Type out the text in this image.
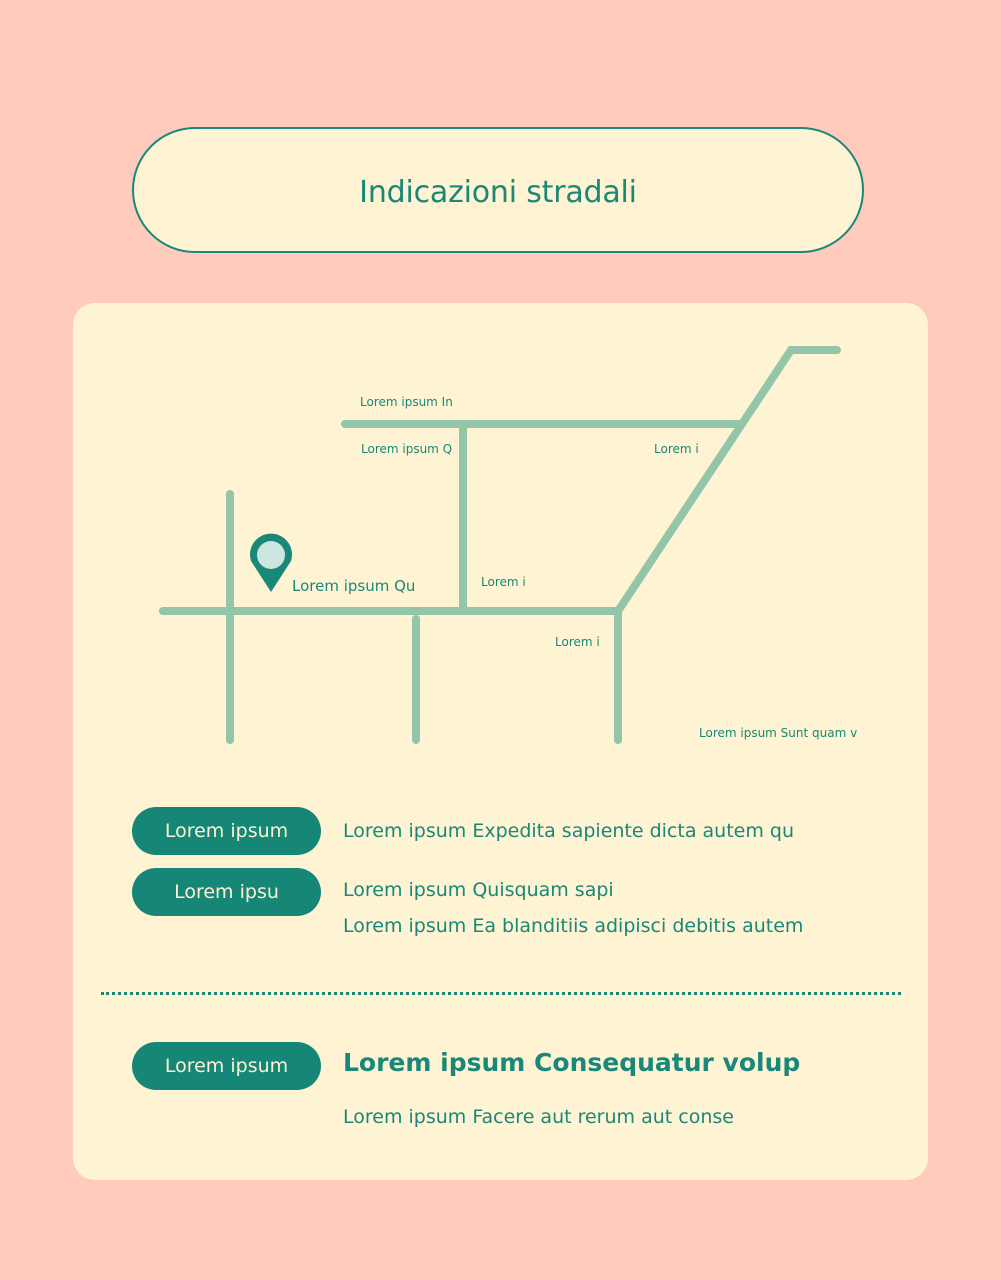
Indicazioni stradali
Lorem ipsum In
Lorem ipsum Q	Lorem i
Lorem ipsum Qu	Lorem i
Lorem i
Lorem ipsum Sunt quam v
Lorem ipsum	Lorem ipsum Expedita sapiente dicta autem qu
Lorem ipsu	Lorem ipsum Quisquam sapi
Lorem ipsum Ea blanditiis adipisci debitis autem
Lorem ipsum	Lorem ipsum Consequatur volup
Lorem ipsum Facere aut rerum aut conse
